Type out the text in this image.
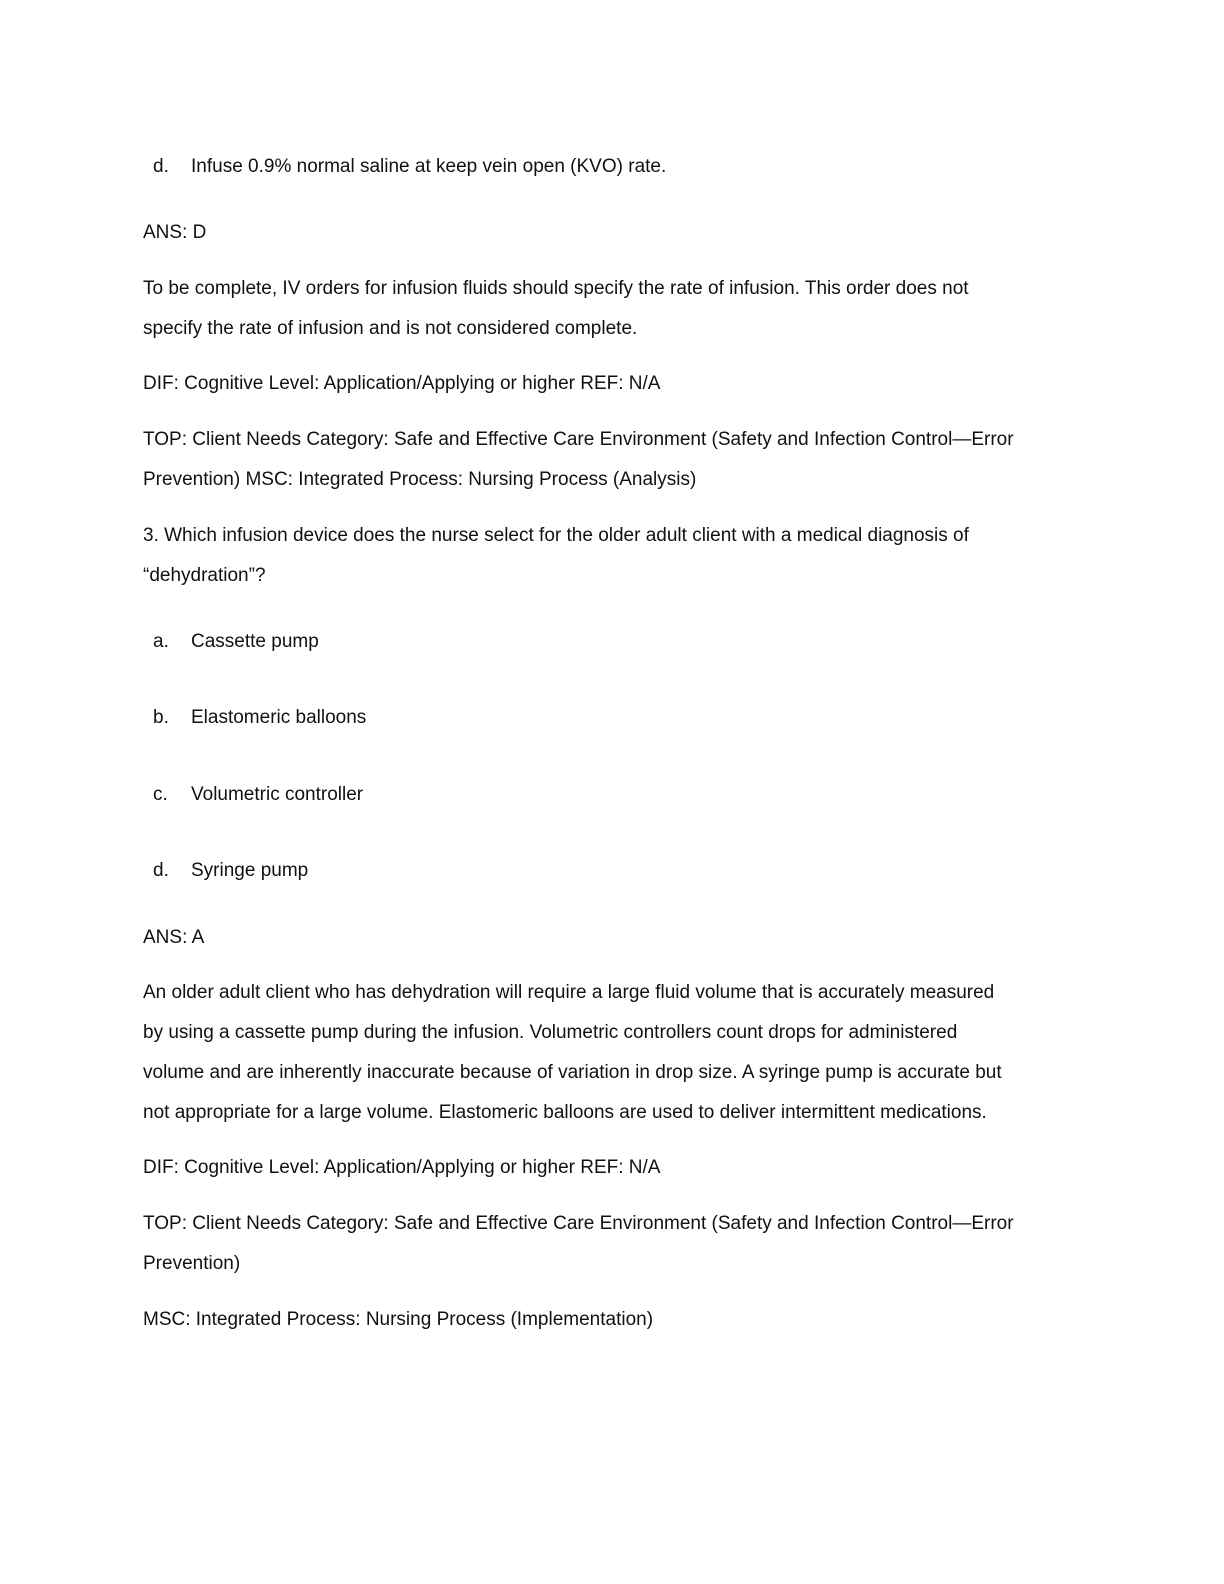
d. Infuse 0.9% normal saline at keep vein open (KVO) rate.
ANS: D
To be complete, IV orders for infusion fluids should specify the rate of infusion. This order does not
specify the rate of infusion and is not considered complete.
DIF: Cognitive Level: Application/Applying or higher REF: N/A
TOP: Client Needs Category: Safe and Effective Care Environment (Safety and Infection Control—Error
Prevention) MSC: Integrated Process: Nursing Process (Analysis)
3. Which infusion device does the nurse select for the older adult client with a medical diagnosis of
“dehydration”?
a. Cassette pump
b. Elastomeric balloons
c. Volumetric controller
d. Syringe pump
ANS: A
An older adult client who has dehydration will require a large fluid volume that is accurately measured
by using a cassette pump during the infusion. Volumetric controllers count drops for administered
volume and are inherently inaccurate because of variation in drop size. A syringe pump is accurate but
not appropriate for a large volume. Elastomeric balloons are used to deliver intermittent medications.
DIF: Cognitive Level: Application/Applying or higher REF: N/A
TOP: Client Needs Category: Safe and Effective Care Environment (Safety and Infection Control—Error
Prevention)
MSC: Integrated Process: Nursing Process (Implementation)
